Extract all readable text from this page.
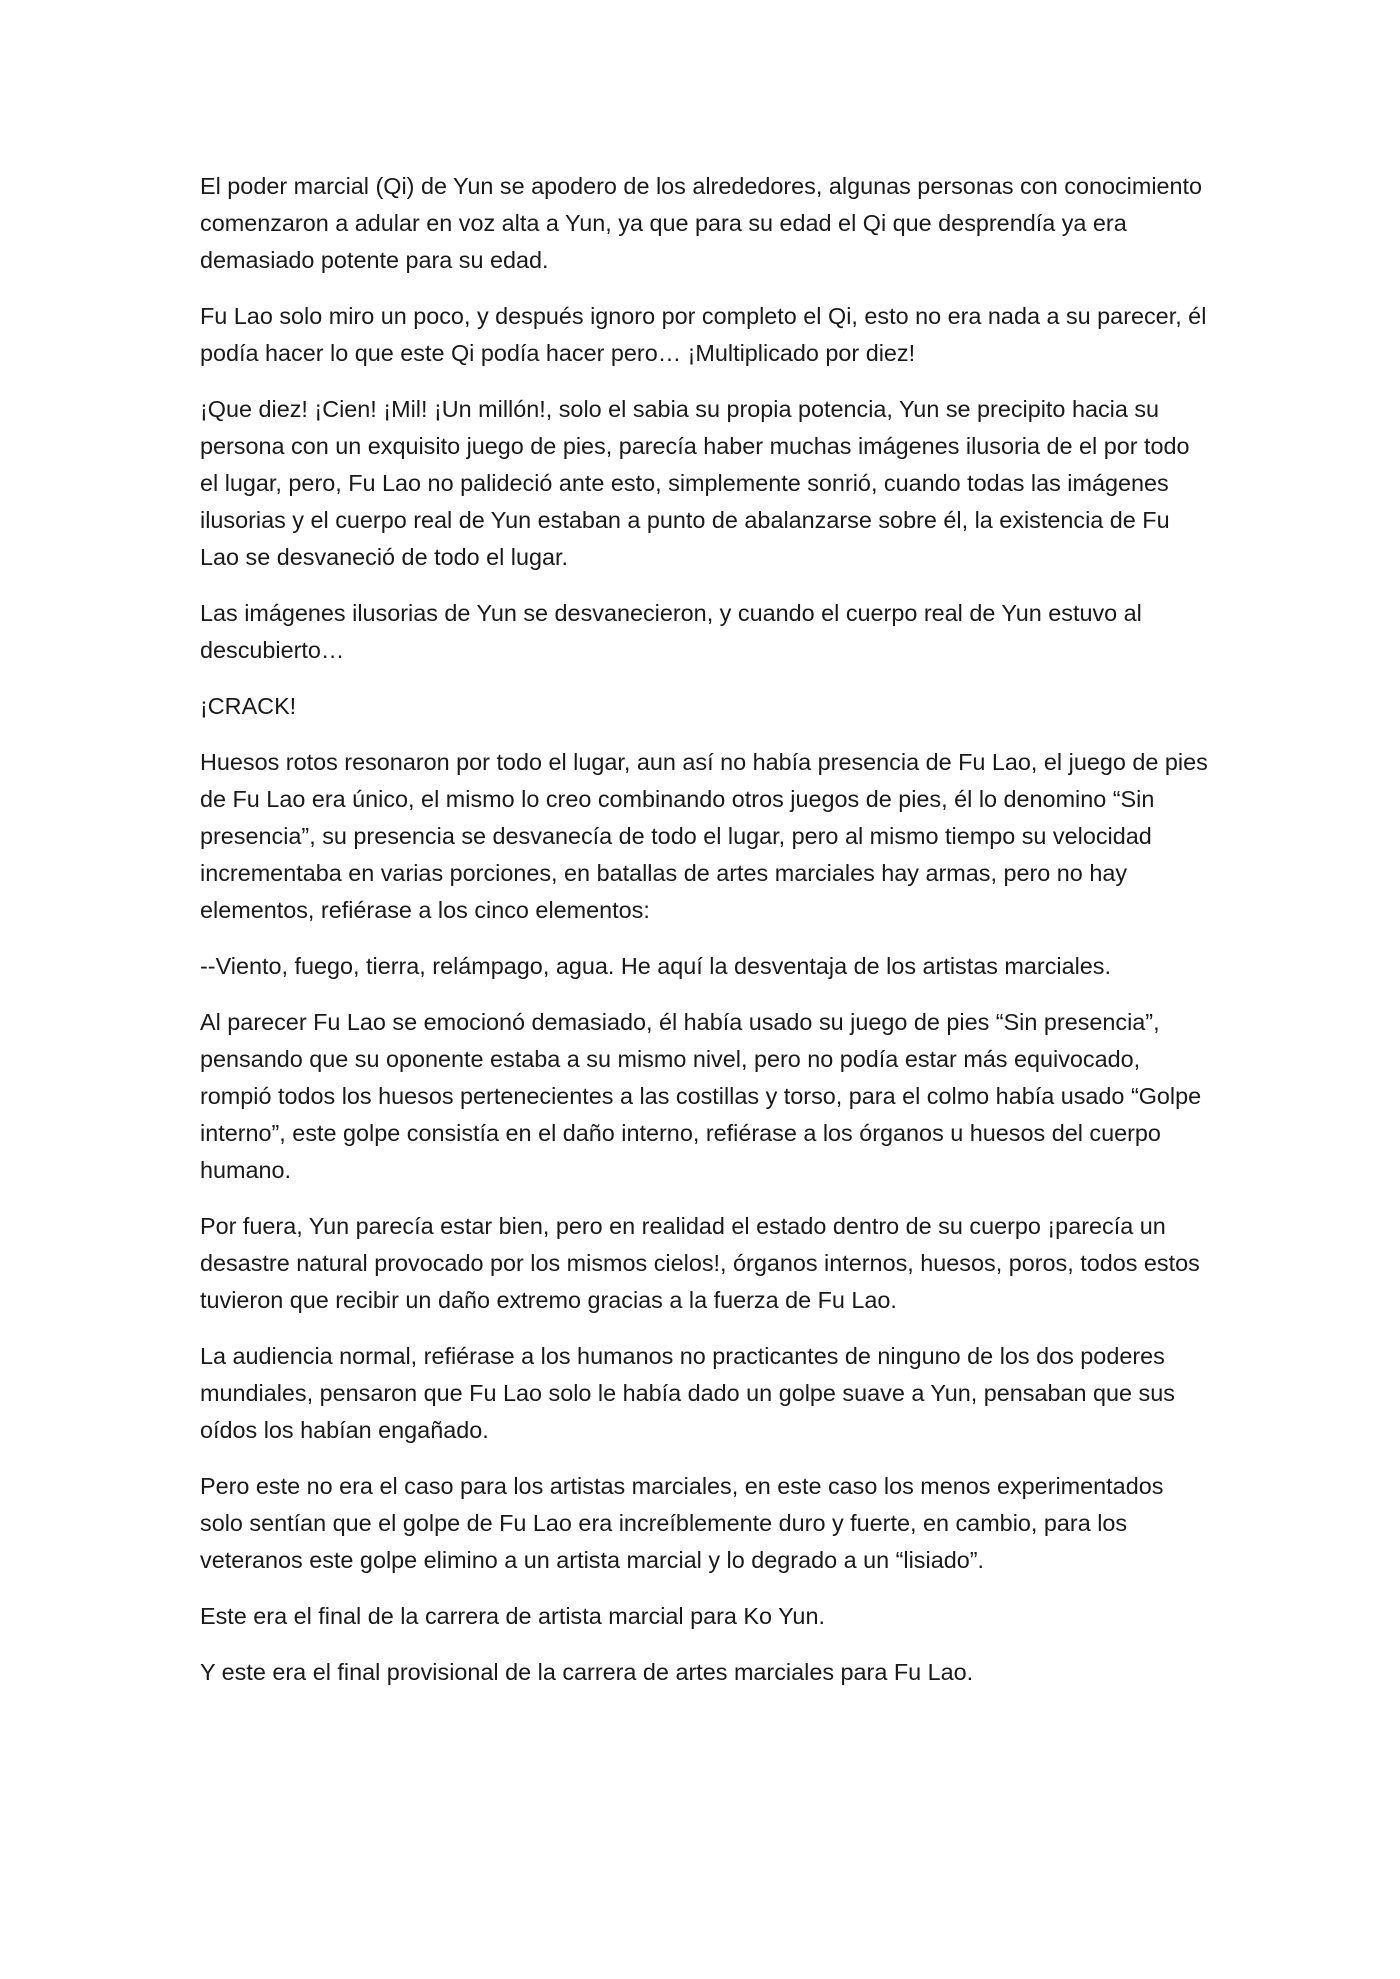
El poder marcial (Qi) de Yun se apodero de los alrededores, algunas personas con conocimiento comenzaron a adular en voz alta a Yun, ya que para su edad el Qi que desprendía ya era demasiado potente para su edad.

Fu Lao solo miro un poco, y después ignoro por completo el Qi, esto no era nada a su parecer, él podía hacer lo que este Qi podía hacer pero… ¡Multiplicado por diez!

¡Que diez! ¡Cien! ¡Mil! ¡Un millón!, solo el sabia su propia potencia, Yun se precipito hacia su persona con un exquisito juego de pies, parecía haber muchas imágenes ilusoria de el por todo el lugar, pero, Fu Lao no palideció ante esto, simplemente sonrió, cuando todas las imágenes ilusorias y el cuerpo real de Yun estaban a punto de abalanzarse sobre él, la existencia de Fu Lao se desvaneció de todo el lugar.

Las imágenes ilusorias de Yun se desvanecieron, y cuando el cuerpo real de Yun estuvo al descubierto…

¡CRACK!

Huesos rotos resonaron por todo el lugar, aun así no había presencia de Fu Lao, el juego de pies de Fu Lao era único, el mismo lo creo combinando otros juegos de pies, él lo denomino “Sin presencia”, su presencia se desvanecía de todo el lugar, pero al mismo tiempo su velocidad incrementaba en varias porciones, en batallas de artes marciales hay armas, pero no hay elementos, refiérase a los cinco elementos:

--Viento, fuego, tierra, relámpago, agua. He aquí la desventaja de los artistas marciales.

Al parecer Fu Lao se emocionó demasiado, él había usado su juego de pies “Sin presencia”, pensando que su oponente estaba a su mismo nivel, pero no podía estar más equivocado, rompió todos los huesos pertenecientes a las costillas y torso, para el colmo había usado “Golpe interno”, este golpe consistía en el daño interno, refiérase a los órganos u huesos del cuerpo humano.

Por fuera, Yun parecía estar bien, pero en realidad el estado dentro de su cuerpo ¡parecía un desastre natural provocado por los mismos cielos!, órganos internos, huesos, poros, todos estos tuvieron que recibir un daño extremo gracias a la fuerza de Fu Lao.

La audiencia normal, refiérase a los humanos no practicantes de ninguno de los dos poderes mundiales, pensaron que Fu Lao solo le había dado un golpe suave a Yun, pensaban que sus oídos los habían engañado.

Pero este no era el caso para los artistas marciales, en este caso los menos experimentados solo sentían que el golpe de Fu Lao era increíblemente duro y fuerte, en cambio, para los veteranos este golpe elimino a un artista marcial y lo degrado a un “lisiado”.

Este era el final de la carrera de artista marcial para Ko Yun.

Y este era el final provisional de la carrera de artes marciales para Fu Lao.
